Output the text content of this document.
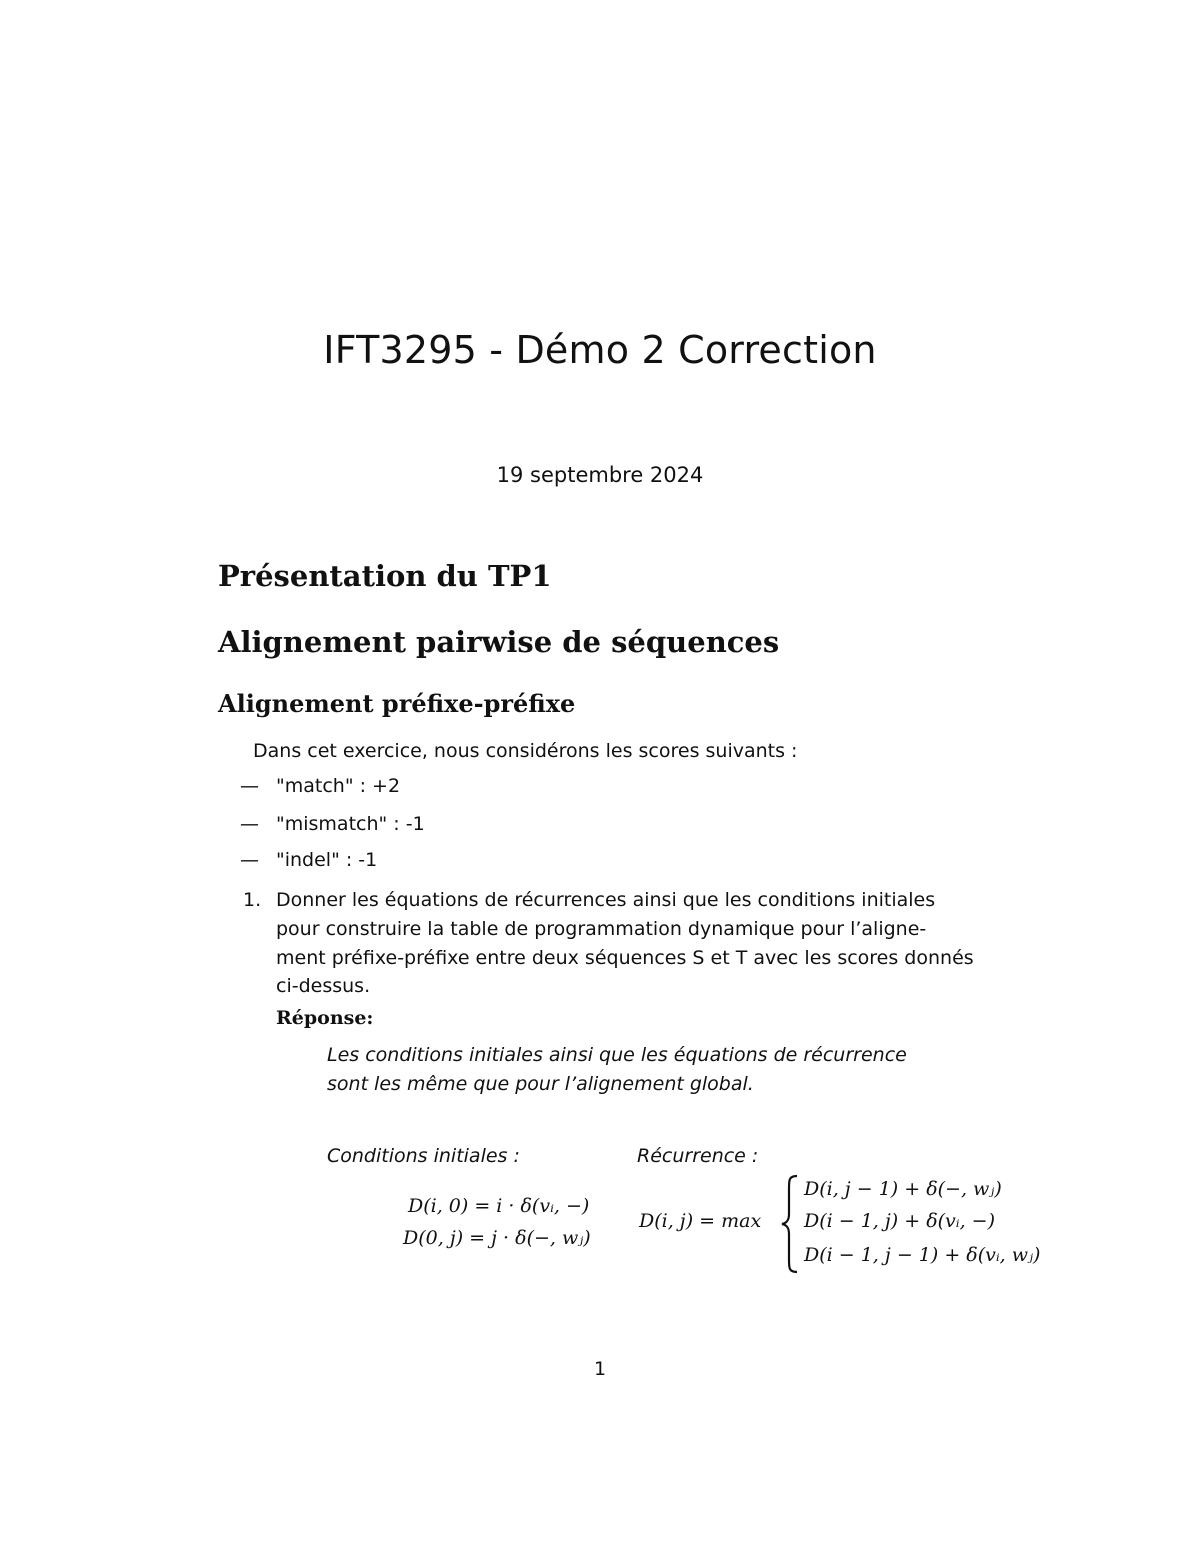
IFT3295 - Démo 2 Correction
19 septembre 2024
Présentation du TP1
Alignement pairwise de séquences
Alignement préfixe-préfixe
Dans cet exercice, nous considérons les scores suivants :
— "match" : +2
— "mismatch" : -1
— "indel" : -1
1. Donner les équations de récurrences ainsi que les conditions initiales
pour construire la table de programmation dynamique pour l’aligne-
ment préfixe-préfixe entre deux séquences S et T avec les scores donnés
ci-dessus.
Réponse:
Les conditions initiales ainsi que les équations de récurrence
sont les même que pour l’alignement global.
Conditions initiales :	Récurrence :
D(i, 0) = i · δ(vᵢ, −)
D(0, j) = j · δ(−, wⱼ)
D(i, j) = max
D(i, j − 1) + δ(−, wⱼ)
D(i − 1, j) + δ(vᵢ, −)
D(i − 1, j − 1) + δ(vᵢ, wⱼ)
1
